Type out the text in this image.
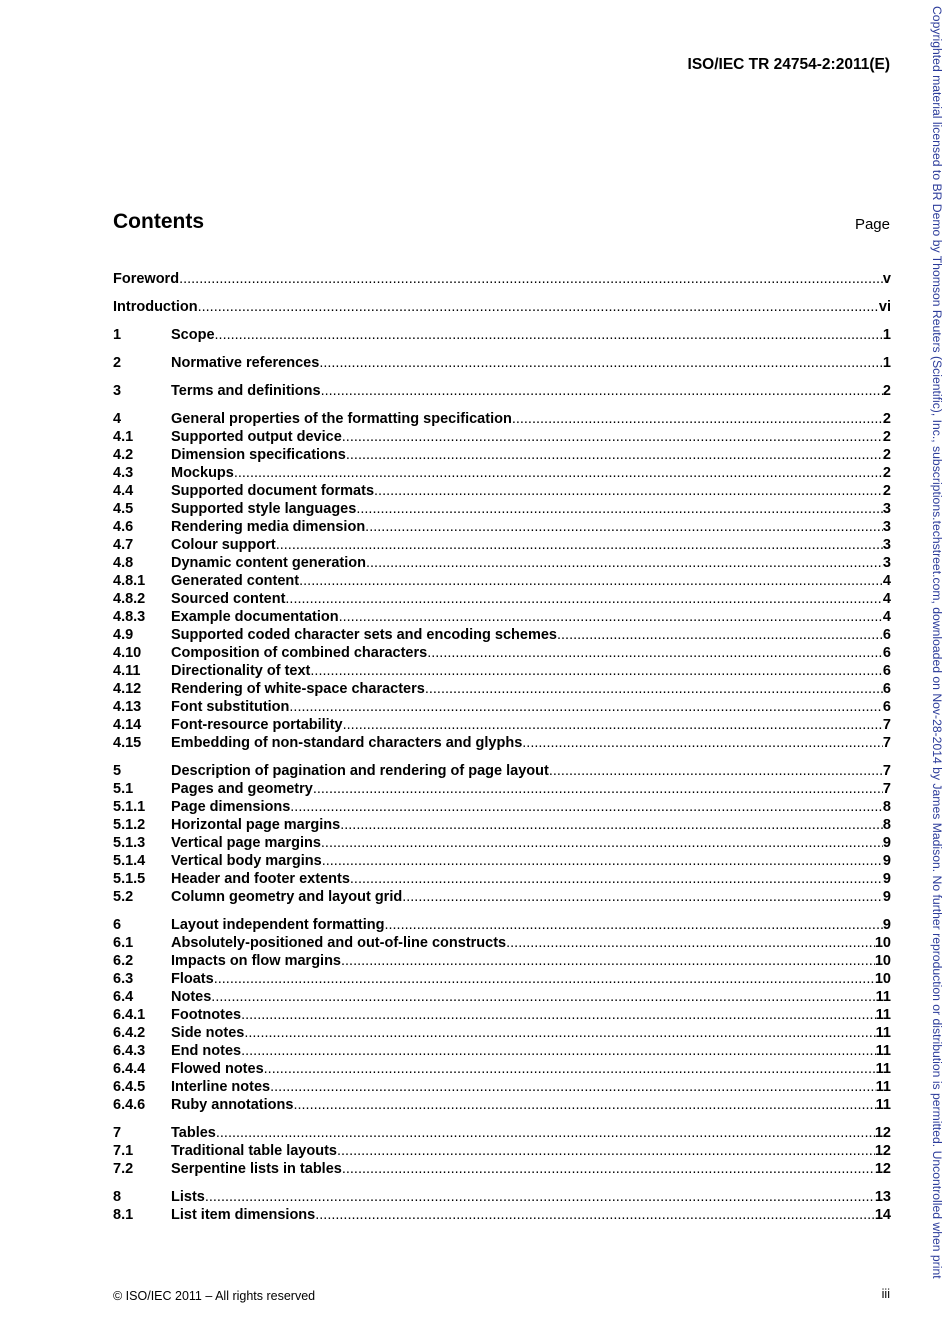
ISO/IEC TR 24754-2:2011(E)
Contents	Page
Foreword .....	v
Introduction .....	vi
1	Scope .....	1
2	Normative references .....	1
3	Terms and definitions .....	2
4	General properties of the formatting specification .....	2
4.1	Supported output device .....	2
4.2	Dimension specifications .....	2
4.3	Mockups .....	2
4.4	Supported document formats .....	2
4.5	Supported style languages .....	3
4.6	Rendering media dimension .....	3
4.7	Colour support .....	3
4.8	Dynamic content generation .....	3
4.8.1	Generated content .....	4
4.8.2	Sourced content .....	4
4.8.3	Example documentation .....	4
4.9	Supported coded character sets and encoding schemes .....	6
4.10	Composition of combined characters .....	6
4.11	Directionality of text .....	6
4.12	Rendering of white-space characters .....	6
4.13	Font substitution .....	6
4.14	Font-resource portability .....	7
4.15	Embedding of non-standard characters and glyphs .....	7
5	Description of pagination and rendering of page layout .....	7
5.1	Pages and geometry .....	7
5.1.1	Page dimensions .....	8
5.1.2	Horizontal page margins .....	8
5.1.3	Vertical page margins .....	9
5.1.4	Vertical body margins .....	9
5.1.5	Header and footer extents .....	9
5.2	Column geometry and layout grid .....	9
6	Layout independent formatting .....	9
6.1	Absolutely-positioned and out-of-line constructs .....	10
6.2	Impacts on flow margins .....	10
6.3	Floats .....	10
6.4	Notes .....	11
6.4.1	Footnotes .....	11
6.4.2	Side notes .....	11
6.4.3	End notes .....	11
6.4.4	Flowed notes .....	11
6.4.5	Interline notes .....	11
6.4.6	Ruby annotations .....	11
7	Tables .....	12
7.1	Traditional table layouts .....	12
7.2	Serpentine lists in tables .....	12
8	Lists .....	13
8.1	List item dimensions .....	14
© ISO/IEC 2011 – All rights reserved	iii
Copyrighted material licensed to BR Demo by Thomson Reuters (Scientific), Inc., subscriptions.techstreet.com, downloaded on Nov-28-2014 by James Madison. No further reproduction or distribution is permitted. Uncontrolled when print
